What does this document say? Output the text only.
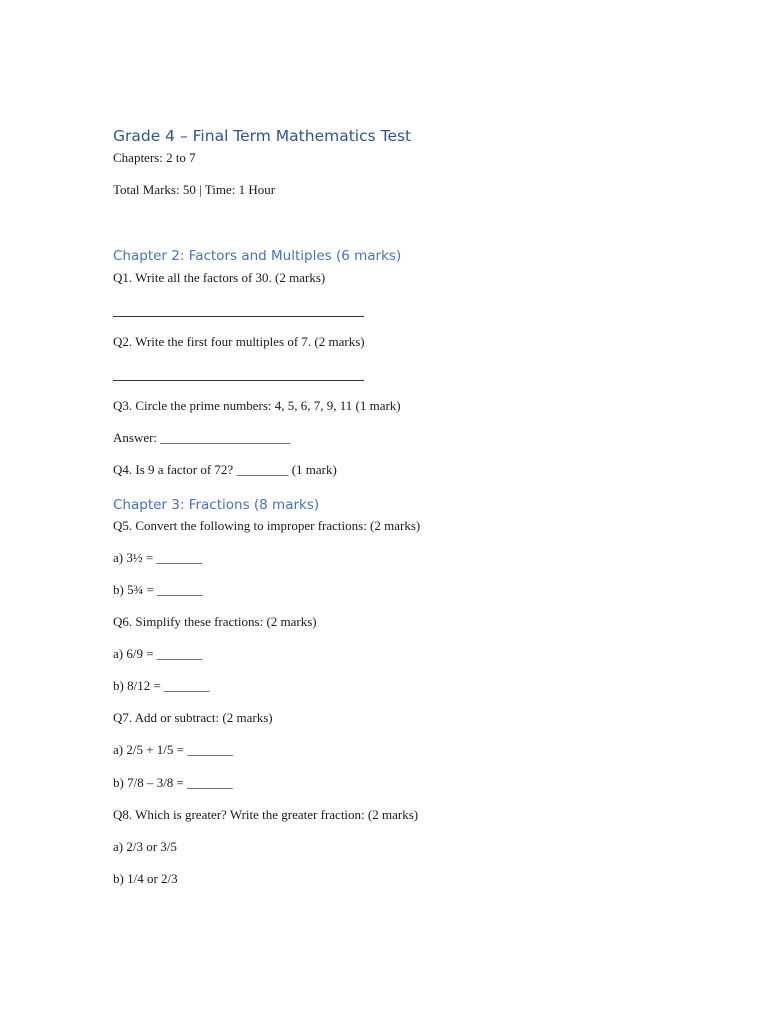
Grade 4 – Final Term Mathematics Test
Chapters: 2 to 7
Total Marks: 50 | Time: 1 Hour
Chapter 2: Factors and Multiples (6 marks)
Q1. Write all the factors of 30. (2 marks)
Q2. Write the first four multiples of 7. (2 marks)
Q3. Circle the prime numbers: 4, 5, 6, 7, 9, 11 (1 mark)
Answer: ____________________
Q4. Is 9 a factor of 72? ________ (1 mark)
Chapter 3: Fractions (8 marks)
Q5. Convert the following to improper fractions: (2 marks)
a) 3½ = _______
b) 5¾ = _______
Q6. Simplify these fractions: (2 marks)
a) 6/9 = _______
b) 8/12 = _______
Q7. Add or subtract: (2 marks)
a) 2/5 + 1/5 = _______
b) 7/8 – 3/8 = _______
Q8. Which is greater? Write the greater fraction: (2 marks)
a) 2/3 or 3/5
b) 1/4 or 2/3
